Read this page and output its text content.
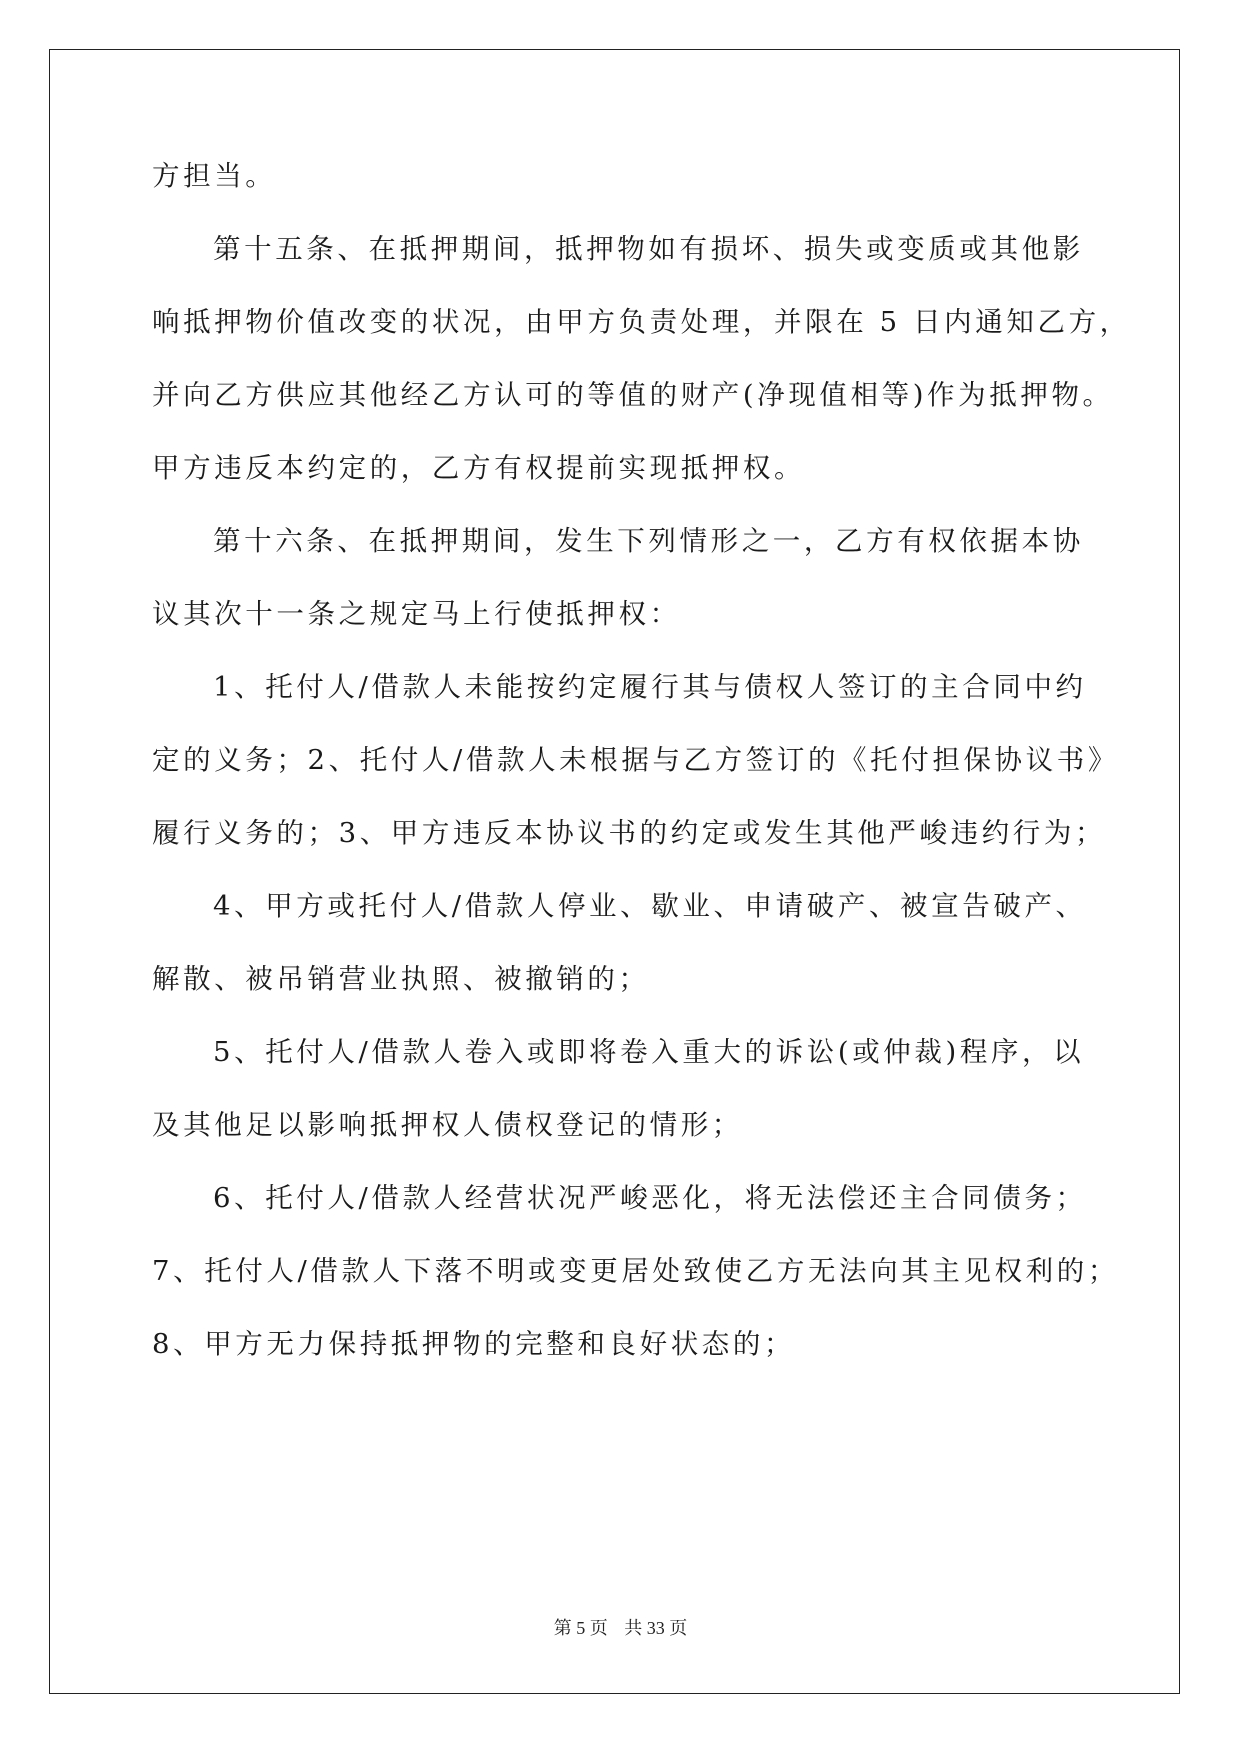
方担当。
第十五条、在抵押期间，抵押物如有损坏、损失或变质或其他影
响抵押物价值改变的状况，由甲方负责处理，并限在 5 日内通知乙方，
并向乙方供应其他经乙方认可的等值的财产(净现值相等)作为抵押物。
甲方违反本约定的，乙方有权提前实现抵押权。
第十六条、在抵押期间，发生下列情形之一，乙方有权依据本协
议其次十一条之规定马上行使抵押权：
1、托付人/借款人未能按约定履行其与债权人签订的主合同中约
定的义务；2、托付人/借款人未根据与乙方签订的《托付担保协议书》
履行义务的；3、甲方违反本协议书的约定或发生其他严峻违约行为；
4、甲方或托付人/借款人停业、歇业、申请破产、被宣告破产、
解散、被吊销营业执照、被撤销的；
5、托付人/借款人卷入或即将卷入重大的诉讼(或仲裁)程序，以
及其他足以影响抵押权人债权登记的情形；
6、托付人/借款人经营状况严峻恶化，将无法偿还主合同债务；
7、托付人/借款人下落不明或变更居处致使乙方无法向其主见权利的；
8、甲方无力保持抵押物的完整和良好状态的；
第 5 页 共 33 页
